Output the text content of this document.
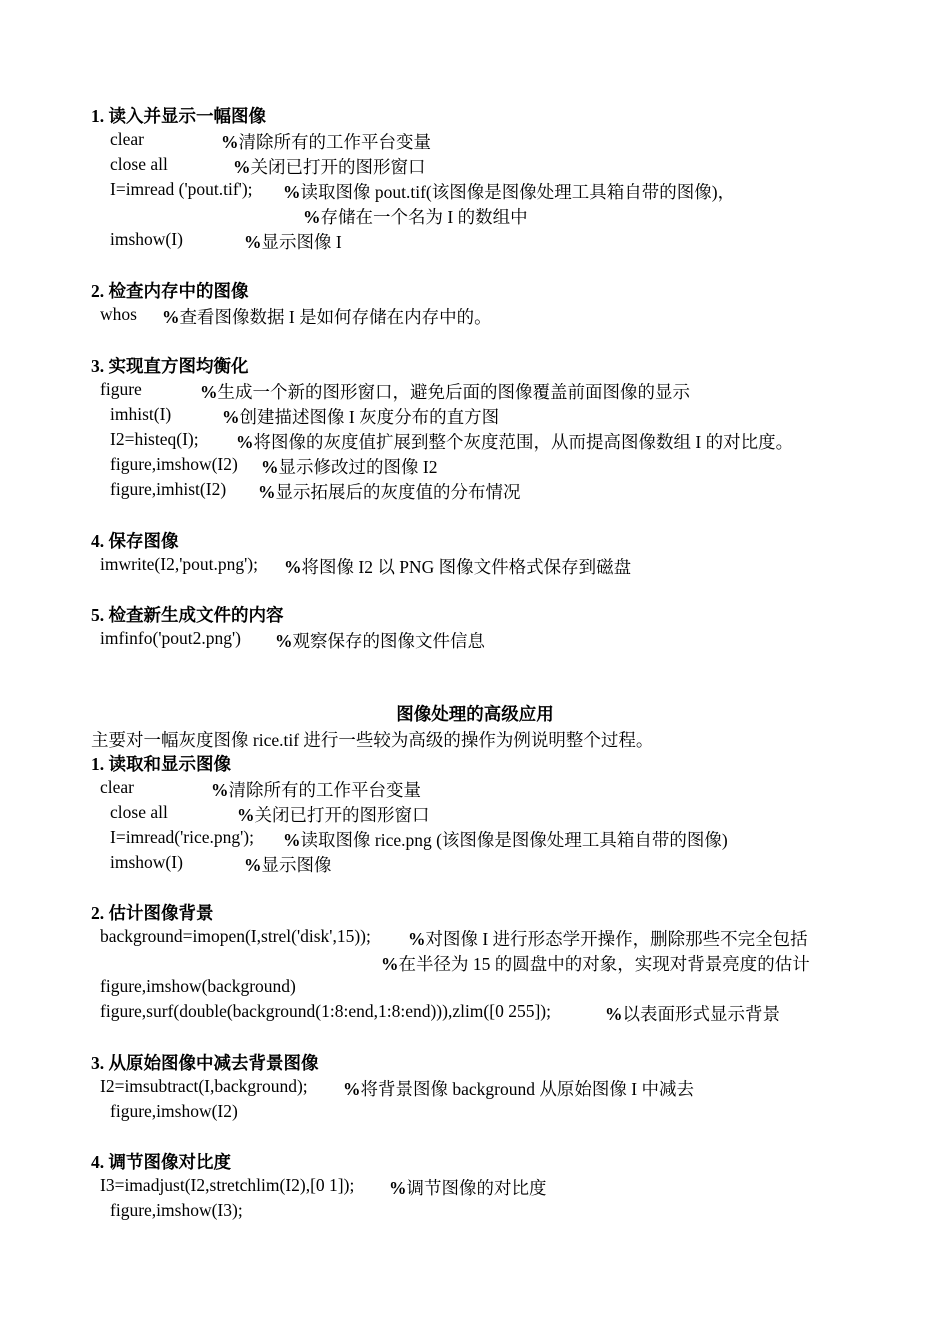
1. 读入并显示一幅图像
clear	%清除所有的工作平台变量
close all	%关闭已打开的图形窗口
I=imread ('pout.tif'); %读取图像 pout.tif(该图像是图像处理工具箱自带的图像)，
%存储在一个名为 I 的数组中
imshow(I)	%显示图像 I
2. 检查内存中的图像
whos %查看图像数据 I 是如何存储在内存中的。
3. 实现直方图均衡化
figure	%生成一个新的图形窗口，避免后面的图像覆盖前面图像的显示
imhist(I)	%创建描述图像 I 灰度分布的直方图
I2=histeq(I); %将图像的灰度值扩展到整个灰度范围，从而提高图像数组 I 的对比度。
figure,imshow(I2) %显示修改过的图像 I2
figure,imhist(I2) %显示拓展后的灰度值的分布情况
4. 保存图像
imwrite(I2,'pout.png'); %将图像 I2 以 PNG 图像文件格式保存到磁盘
5. 检查新生成文件的内容
imfinfo('pout2.png') %观察保存的图像文件信息
图像处理的高级应用
主要对一幅灰度图像 rice.tif 进行一些较为高级的操作为例说明整个过程。
1. 读取和显示图像
clear	%清除所有的工作平台变量
close all	%关闭已打开的图形窗口
I=imread('rice.png'); %读取图像 rice.png (该图像是图像处理工具箱自带的图像)
imshow(I)	%显示图像
2. 估计图像背景
background=imopen(I,strel('disk',15)); %对图像 I 进行形态学开操作，删除那些不完全包括
%在半径为 15 的圆盘中的对象，实现对背景亮度的估计
figure,imshow(background)
figure,surf(double(background(1:8:end,1:8:end))),zlim([0 255]);	%以表面形式显示背景
3. 从原始图像中减去背景图像
I2=imsubtract(I,background); %将背景图像 background 从原始图像 I 中减去
figure,imshow(I2)
4. 调节图像对比度
I3=imadjust(I2,stretchlim(I2),[0 1]); %调节图像的对比度
figure,imshow(I3);
